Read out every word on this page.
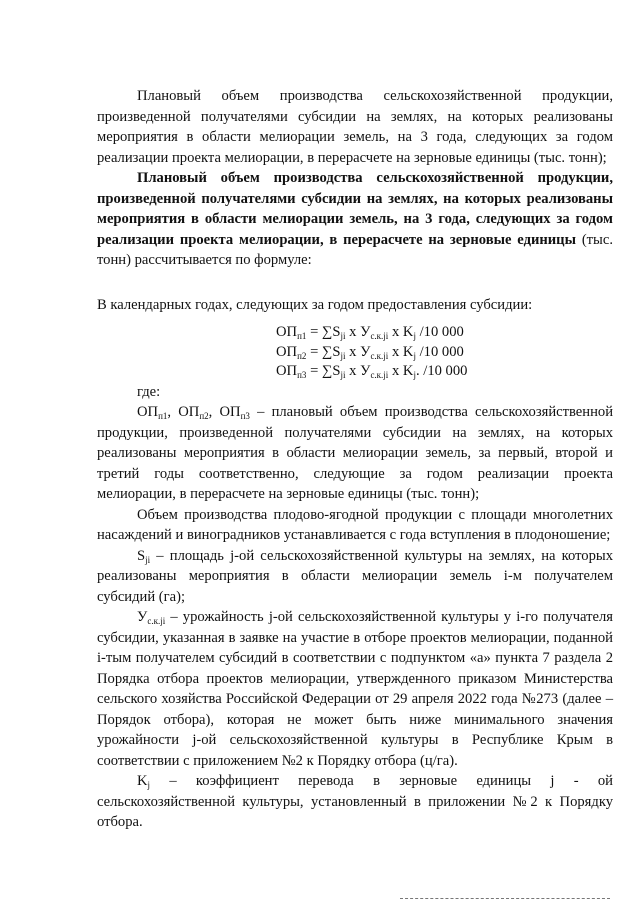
Плановый объем производства сельскохозяйственной продукции, произведенной получателями субсидии на землях, на которых реализованы мероприятия в области мелиорации земель, на 3 года, следующих за годом реализации проекта мелиорации, в перерасчете на зерновые единицы (тыс. тонн);

Плановый объем производства сельскохозяйственной продукции, произведенной получателями субсидии на землях, на которых реализованы мероприятия в области мелиорации земель, на 3 года, следующих за годом реализации проекта мелиорации, в перерасчете на зерновые единицы (тыс. тонн) рассчитывается по формуле:

В календарных годах, следующих за годом предоставления субсидии:

$ОП_{п1} = \sum S_{ji}$ x $У_{с.к.ji}$ x $K_j$ /10 000
$ОП_{п2} = \sum S_{ji}$ x $У_{с.к.ji}$ x $K_j$ /10 000
$ОП_{п3} = \sum S_{ji}$ x $У_{с.к.ji}$ x $K_j$. /10 000

где:

$ОП_{п1}$, $ОП_{п2}$, $ОП_{п3}$ – плановый объем производства сельскохозяйственной продукции, произведенной получателями субсидии на землях, на которых реализованы мероприятия в области мелиорации земель, за первый, второй и третий годы соответственно, следующие за годом реализации проекта мелиорации, в перерасчете на зерновые единицы (тыс. тонн);

Объем производства плодово-ягодной продукции с площади многолетних насаждений и виноградников устанавливается с года вступления в плодоношение;

$S_{ji}$ – площадь j-ой сельскохозяйственной культуры на землях, на которых реализованы мероприятия в области мелиорации земель i-м получателем субсидий (га);

$У_{с.к.ji}$ – урожайность j-ой сельскохозяйственной культуры у i-го получателя субсидии, указанная в заявке на участие в отборе проектов мелиорации, поданной i-тым получателем субсидий в соответствии с подпунктом «а» пункта 7 раздела 2 Порядка отбора проектов мелиорации, утвержденного приказом Министерства сельского хозяйства Российской Федерации от 29 апреля 2022 года №273 (далее – Порядок отбора), которая не может быть ниже минимального значения урожайности j-ой сельскохозяйственной культуры в Республике Крым в соответствии с приложением №2 к Порядку отбора (ц/га).

$K_j$ – коэффициент перевода в зерновые единицы j - ой сельскохозяйственной культуры, установленный в приложении №2 к Порядку отбора.
